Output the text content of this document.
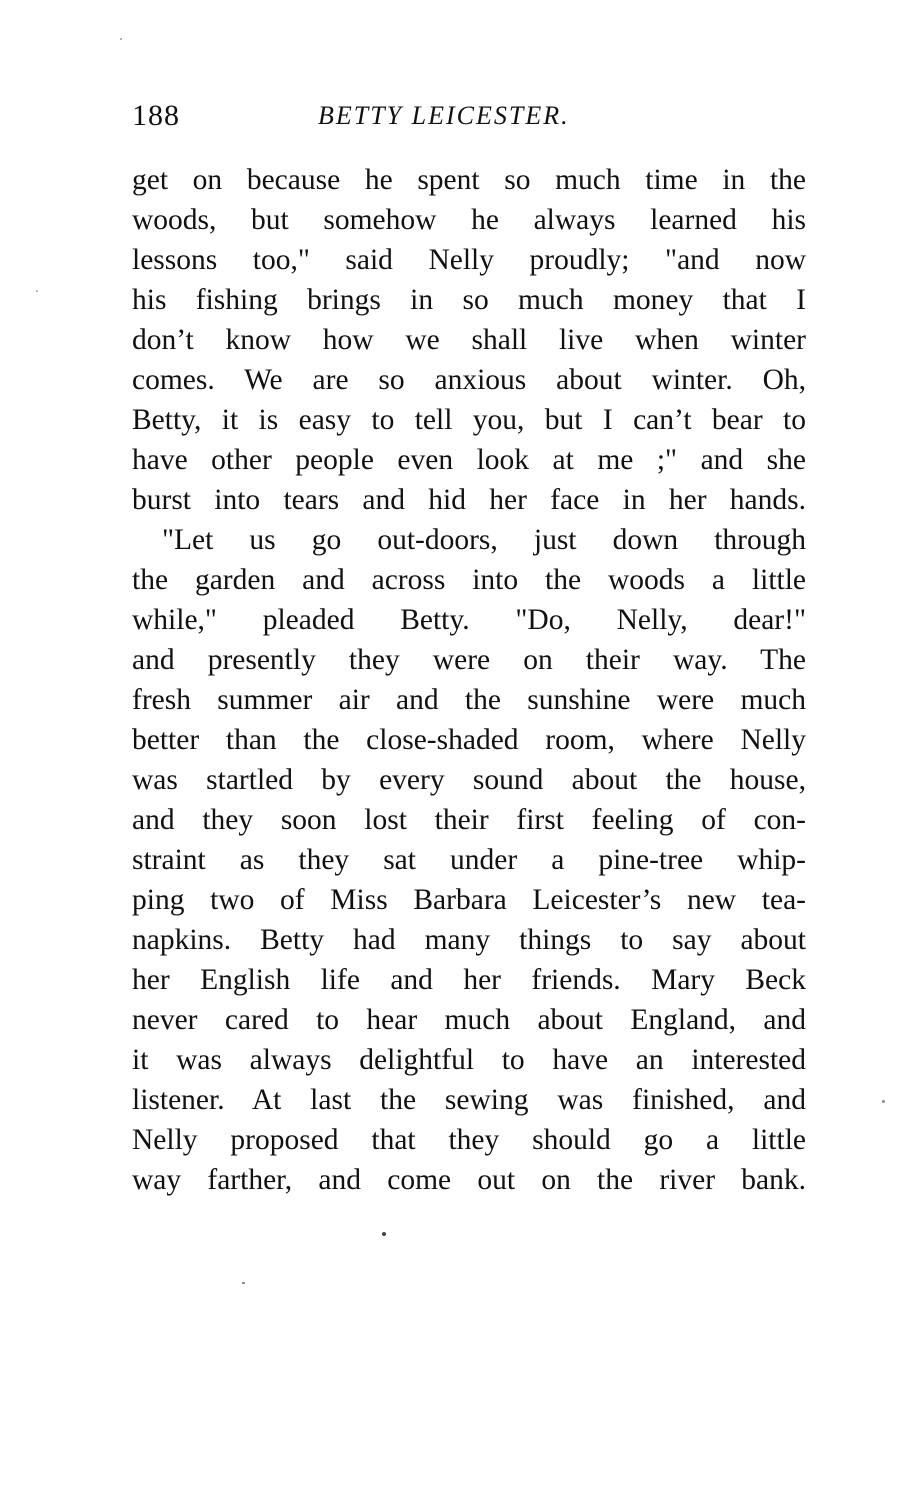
188	BETTY LEICESTER.
get on because he spent so much time in the
woods, but somehow he always learned his
lessons too," said Nelly proudly; "and now
his fishing brings in so much money that I
don’t know how we shall live when winter
comes. We are so anxious about winter. Oh,
Betty, it is easy to tell you, but I can’t bear to
have other people even look at me ;" and she
burst into tears and hid her face in her hands.
"Let us go out-doors, just down through
the garden and across into the woods a little
while," pleaded Betty. "Do, Nelly, dear!"
and presently they were on their way. The
fresh summer air and the sunshine were much
better than the close-shaded room, where Nelly
was startled by every sound about the house,
and they soon lost their first feeling of con-
straint as they sat under a pine-tree whip-
ping two of Miss Barbara Leicester’s new tea-
napkins. Betty had many things to say about
her English life and her friends. Mary Beck
never cared to hear much about England, and
it was always delightful to have an interested
listener. At last the sewing was finished, and
Nelly proposed that they should go a little
way farther, and come out on the river bank.
